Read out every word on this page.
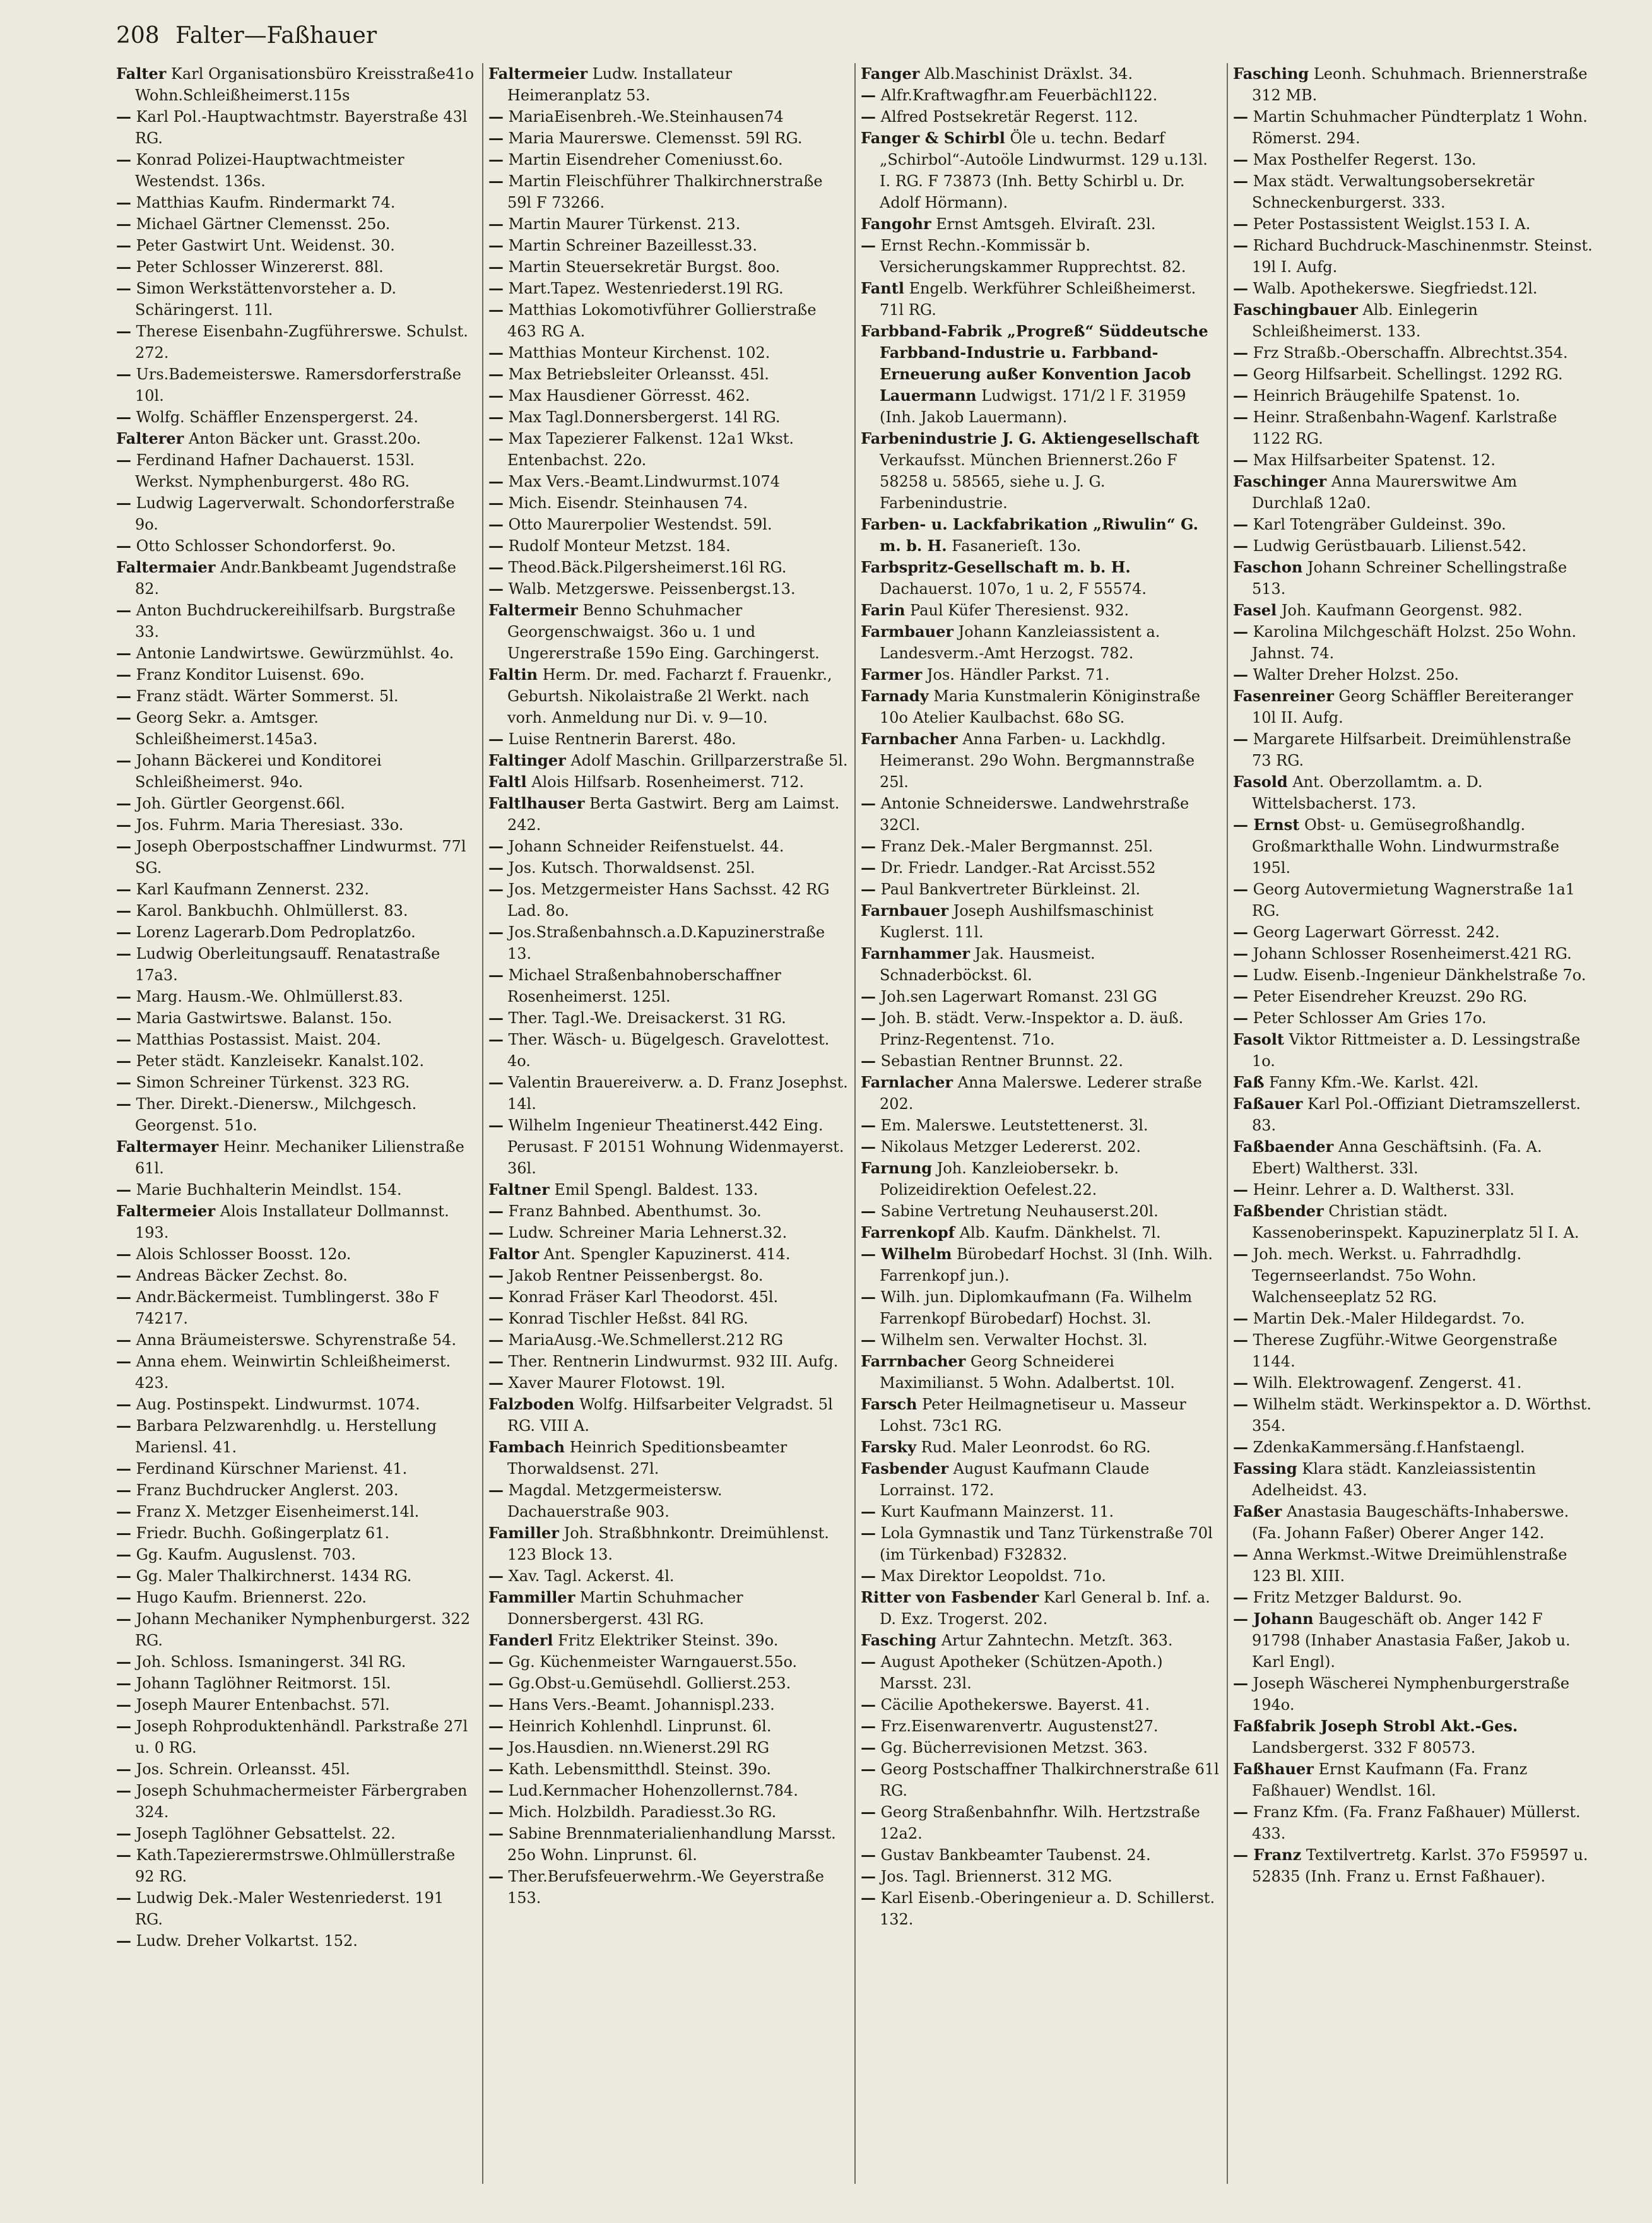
208 Falter—Faßhauer
Falter Karl Organisationsbüro Kreisstraße41o Wohn.Schleißheimerst.115s
— Karl Pol.-Hauptwachtmstr. Bayerstraße 43l RG.
— Konrad Polizei-Hauptwachtmeister Westendst. 136s.
— Matthias Kaufm. Rindermarkt 74.
— Michael Gärtner Clemensst. 25o.
— Peter Gastwirt Unt. Weidenst. 30.
— Peter Schlosser Winzererst. 88l.
— Simon Werkstättenvorsteher a. D. Schäringerst. 11l.
— Therese Eisenbahn-Zugführerswe. Schulst. 272.
— Urs.Bademeisterswe. Ramersdorferstraße 10l.
— Wolfg. Schäffler Enzenspergerst. 24.
Falterer Anton Bäcker unt. Grasst.20o.
— Ferdinand Hafner Dachauerst. 153l. Werkst. Nymphenburgerst. 48o RG.
— Ludwig Lagerverwalt. Schondorferstraße 9o.
— Otto Schlosser Schondorferst. 9o.
Faltermaier Andr.Bankbeamt Jugendstraße 82.
— Anton Buchdruckereihilfsarb. Burgstraße 33.
— Antonie Landwirtswe. Gewürzmühlst. 4o.
— Franz Konditor Luisenst. 69o.
— Franz städt. Wärter Sommerst. 5l.
— Georg Sekr. a. Amtsger. Schleißheimerst.145a3.
— Johann Bäckerei und Konditorei Schleißheimerst. 94o.
— Joh. Gürtler Georgenst.66l.
— Jos. Fuhrm. Maria Theresiast. 33o.
— Joseph Oberpostschaffner Lindwurmst. 77l SG.
— Karl Kaufmann Zennerst. 232.
— Karol. Bankbuchh. Ohlmüllerst. 83.
— Lorenz Lagerarb.Dom Pedroplatz6o.
— Ludwig Oberleitungsauff. Renatastraße 17a3.
— Marg. Hausm.-We. Ohlmüllerst.83.
— Maria Gastwirtswe. Balanst. 15o.
— Matthias Postassist. Maist. 204.
— Peter städt. Kanzleisekr. Kanalst.102.
— Simon Schreiner Türkenst. 323 RG.
— Ther. Direkt.-Dienersw., Milchgesch. Georgenst. 51o.
Faltermayer Heinr. Mechaniker Lilienstraße 61l.
— Marie Buchhalterin Meindlst. 154.
Faltermeier Alois Installateur Dollmannst. 193.
— Alois Schlosser Boosst. 12o.
— Andreas Bäcker Zechst. 8o.
— Andr.Bäckermeist. Tumblingerst. 38o F 74217.
— Anna Bräumeisterswe. Schyrenstraße 54.
— Anna ehem. Weinwirtin Schleißheimerst. 423.
— Aug. Postinspekt. Lindwurmst. 1074.
— Barbara Pelzwarenhdlg. u. Herstellung Mariensl. 41.
— Ferdinand Kürschner Marienst. 41.
— Franz Buchdrucker Anglerst. 203.
— Franz X. Metzger Eisenheimerst.14l.
— Friedr. Buchh. Goßingerplatz 61.
— Gg. Kaufm. Auguslenst. 703.
— Gg. Maler Thalkirchnerst. 1434 RG.
— Hugo Kaufm. Briennerst. 22o.
— Johann Mechaniker Nymphenburgerst. 322 RG.
— Joh. Schloss. Ismaningerst. 34l RG.
— Johann Taglöhner Reitmorst. 15l.
— Joseph Maurer Entenbachst. 57l.
— Joseph Rohproduktenhändl. Parkstraße 27l u. 0 RG.
— Jos. Schrein. Orleansst. 45l.
— Joseph Schuhmachermeister Färbergraben 324.
— Joseph Taglöhner Gebsattelst. 22.
— Kath.Tapezierermstrswe.Ohlmüllerstraße 92 RG.
— Ludwig Dek.-Maler Westenriederst. 191 RG.
— Ludw. Dreher Volkartst. 152.
Faltermeier Ludw. Installateur Heimeranplatz 53.
— MariaEisenbreh.-We.Steinhausen74
— Maria Maurerswe. Clemensst. 59l RG.
— Martin Eisendreher Comeniusst.6o.
— Martin Fleischführer Thalkirchnerstraße 59l F 73266.
— Martin Maurer Türkenst. 213.
— Martin Schreiner Bazeillesst.33.
— Martin Steuersekretär Burgst. 8oo.
— Mart.Tapez. Westenriederst.19l RG.
— Matthias Lokomotivführer Gollierstraße 463 RG A.
— Matthias Monteur Kirchenst. 102.
— Max Betriebsleiter Orleansst. 45l.
— Max Hausdiener Görresst. 462.
— Max Tagl.Donnersbergerst. 14l RG.
— Max Tapezierer Falkenst. 12a1 Wkst. Entenbachst. 22o.
— Max Vers.-Beamt.Lindwurmst.1074
— Mich. Eisendr. Steinhausen 74.
— Otto Maurerpolier Westendst. 59l.
— Rudolf Monteur Metzst. 184.
— Theod.Bäck.Pilgersheimerst.16l RG.
— Walb. Metzgerswe. Peissenbergst.13.
Faltermeir Benno Schuhmacher Georgenschwaigst. 36o u. 1 und Ungererstraße 159o Eing. Garchingerst.
Faltin Herm. Dr. med. Facharzt f. Frauenkr., Geburtsh. Nikolaistraße 2l Werkt. nach vorh. Anmeldung nur Di. v. 9—10.
— Luise Rentnerin Barerst. 48o.
Faltinger Adolf Maschin. Grillparzerstraße 5l.
Faltl Alois Hilfsarb. Rosenheimerst. 712.
Faltlhauser Berta Gastwirt. Berg am Laimst. 242.
— Johann Schneider Reifenstuelst. 44.
— Jos. Kutsch. Thorwaldsenst. 25l.
— Jos. Metzgermeister Hans Sachsst. 42 RG Lad. 8o.
— Jos.Straßenbahnsch.a.D.Kapuzinerstraße 13.
— Michael Straßenbahnoberschaffner Rosenheimerst. 125l.
— Ther. Tagl.-We. Dreisackerst. 31 RG.
— Ther. Wäsch- u. Bügelgesch. Gravelottest. 4o.
— Valentin Brauereiverw. a. D. Franz Josephst. 14l.
— Wilhelm Ingenieur Theatinerst.442 Eing. Perusast. F 20151 Wohnung Widenmayerst. 36l.
Faltner Emil Spengl. Baldest. 133.
— Franz Bahnbed. Abenthumst. 3o.
— Ludw. Schreiner Maria Lehnerst.32.
Faltor Ant. Spengler Kapuzinerst. 414.
— Jakob Rentner Peissenbergst. 8o.
— Konrad Fräser Karl Theodorst. 45l.
— Konrad Tischler Heßst. 84l RG.
— MariaAusg.-We.Schmellerst.212 RG
— Ther. Rentnerin Lindwurmst. 932 III. Aufg.
— Xaver Maurer Flotowst. 19l.
Falzboden Wolfg. Hilfsarbeiter Velgradst. 5l RG. VIII A.
Fambach Heinrich Speditionsbeamter Thorwaldsenst. 27l.
— Magdal. Metzgermeistersw. Dachauerstraße 903.
Familler Joh. Straßbhnkontr. Dreimühlenst. 123 Block 13.
— Xav. Tagl. Ackerst. 4l.
Fammiller Martin Schuhmacher Donnersbergerst. 43l RG.
Fanderl Fritz Elektriker Steinst. 39o.
— Gg. Küchenmeister Warngauerst.55o.
— Gg.Obst-u.Gemüsehdl. Gollierst.253.
— Hans Vers.-Beamt. Johannispl.233.
— Heinrich Kohlenhdl. Linprunst. 6l.
— Jos.Hausdien. nn.Wienerst.29l RG
— Kath. Lebensmitthdl. Steinst. 39o.
— Lud.Kernmacher Hohenzollernst.784.
— Mich. Holzbildh. Paradiesst.3o RG.
— Sabine Brennmaterialienhandlung Marsst. 25o Wohn. Linprunst. 6l.
— Ther.Berufsfeuerwehrm.-We Geyerstraße 153.
Fanger Alb.Maschinist Dräxlst. 34.
— Alfr.Kraftwagfhr.am Feuerbächl122.
— Alfred Postsekretär Regerst. 112.
Fanger & Schirbl Öle u. techn. Bedarf „Schirbol“-Autoöle Lindwurmst. 129 u.13l. I. RG. F 73873 (Inh. Betty Schirbl u. Dr. Adolf Hörmann).
Fangohr Ernst Amtsgeh. Elviraſt. 23l.
— Ernst Rechn.-Kommissär b. Versicherungskammer Rupprechtst. 82.
Fantl Engelb. Werkführer Schleißheimerst. 71l RG.
Farbband-Fabrik „Progreß“ Süddeutsche Farbband-Industrie u. Farbband-Erneuerung außer Konvention Jacob Lauermann Ludwigst. 171/2 l F. 31959 (Inh. Jakob Lauermann).
Farbenindustrie J. G. Aktiengesellschaft Verkaufsst. München Briennerst.26o F 58258 u. 58565, siehe u. J. G. Farbenindustrie.
Farben- u. Lackfabrikation „Riwulin“ G. m. b. H. Fasanerieſt. 13o.
Farbspritz-Gesellschaft m. b. H. Dachauerst. 107o, 1 u. 2, F 55574.
Farin Paul Küfer Theresienst. 932.
Farmbauer Johann Kanzleiassistent a. Landesverm.-Amt Herzogst. 782.
Farmer Jos. Händler Parkst. 71.
Farnady Maria Kunstmalerin Königinstraße 10o Atelier Kaulbachst. 68o SG.
Farnbacher Anna Farben- u. Lackhdlg. Heimeranst. 29o Wohn. Bergmannstraße 25l.
— Antonie Schneiderswe. Landwehrstraße 32Cl.
— Franz Dek.-Maler Bergmannst. 25l.
— Dr. Friedr. Landger.-Rat Arcisst.552
— Paul Bankvertreter Bürkleinst. 2l.
Farnbauer Joseph Aushilfsmaschinist Kuglerst. 11l.
Farnhammer Jak. Hausmeist. Schnaderböckst. 6l.
— Joh.sen Lagerwart Romanst. 23l GG
— Joh. B. städt. Verw.-Inspektor a. D. äuß. Prinz-Regentenst. 71o.
— Sebastian Rentner Brunnst. 22.
Farnlacher Anna Malerswe. Lederer straße 202.
— Em. Malerswe. Leutstettenerst. 3l.
— Nikolaus Metzger Ledererst. 202.
Farnung Joh. Kanzleiobersekr. b. Polizeidirektion Oefelest.22.
— Sabine Vertretung Neuhauserst.20l.
Farrenkopf Alb. Kaufm. Dänkhelst. 7l.
— Wilhelm Bürobedarf Hochst. 3l (Inh. Wilh. Farrenkopf jun.).
— Wilh. jun. Diplomkaufmann (Fa. Wilhelm Farrenkopf Bürobedarf) Hochst. 3l.
— Wilhelm sen. Verwalter Hochst. 3l.
Farrnbacher Georg Schneiderei Maximilianst. 5 Wohn. Adalbertst. 10l.
Farsch Peter Heilmagnetiseur u. Masseur Lohst. 73c1 RG.
Farsky Rud. Maler Leonrodst. 6o RG.
Fasbender August Kaufmann Claude Lorrainst. 172.
— Kurt Kaufmann Mainzerst. 11.
— Lola Gymnastik und Tanz Türkenstraße 70l (im Türkenbad) F32832.
— Max Direktor Leopoldst. 71o.
Ritter von Fasbender Karl General b. Inf. a. D. Exz. Trogerst. 202.
Fasching Artur Zahntechn. Metzſt. 363.
— August Apotheker (Schützen-Apoth.) Marsst. 23l.
— Cäcilie Apothekerswe. Bayerst. 41.
— Frz.Eisenwarenvertr. Augustenst27.
— Gg. Bücherrevisionen Metzst. 363.
— Georg Postschaffner Thalkirchnerstraße 61l RG.
— Georg Straßenbahnfhr. Wilh. Hertzstraße 12a2.
— Gustav Bankbeamter Taubenst. 24.
— Jos. Tagl. Briennerst. 312 MG.
— Karl Eisenb.-Oberingenieur a. D. Schillerst. 132.
Fasching Leonh. Schuhmach. Briennerstraße 312 MB.
— Martin Schuhmacher Pündterplatz 1 Wohn. Römerst. 294.
— Max Posthelfer Regerst. 13o.
— Max städt. Verwaltungsobersekretär Schneckenburgerst. 333.
— Peter Postassistent Weiglst.153 I. A.
— Richard Buchdruck-Maschinenmstr. Steinst. 19l I. Aufg.
— Walb. Apothekerswe. Siegfriedst.12l.
Faschingbauer Alb. Einlegerin Schleißheimerst. 133.
— Frz Straßb.-Oberschaffn. Albrechtst.354.
— Georg Hilfsarbeit. Schellingst. 1292 RG.
— Heinrich Bräugehilfe Spatenst. 1o.
— Heinr. Straßenbahn-Wagenf. Karlstraße 1122 RG.
— Max Hilfsarbeiter Spatenst. 12.
Faschinger Anna Maurerswitwe Am Durchlaß 12a0.
— Karl Totengräber Guldeinst. 39o.
— Ludwig Gerüstbauarb. Lilienst.542.
Faschon Johann Schreiner Schellingstraße 513.
Fasel Joh. Kaufmann Georgenst. 982.
— Karolina Milchgeschäft Holzst. 25o Wohn. Jahnst. 74.
— Walter Dreher Holzst. 25o.
Fasenreiner Georg Schäffler Bereiteranger 10l II. Aufg.
— Margarete Hilfsarbeit. Dreimühlenstraße 73 RG.
Fasold Ant. Oberzollamtm. a. D. Wittelsbacherst. 173.
— Ernst Obst- u. Gemüsegroßhandlg. Großmarkthalle Wohn. Lindwurmstraße 195l.
— Georg Autovermietung Wagnerstraße 1a1 RG.
— Georg Lagerwart Görresst. 242.
— Johann Schlosser Rosenheimerst.421 RG.
— Ludw. Eisenb.-Ingenieur Dänkhelstraße 7o.
— Peter Eisendreher Kreuzst. 29o RG.
— Peter Schlosser Am Gries 17o.
Fasolt Viktor Rittmeister a. D. Lessingstraße 1o.
Faß Fanny Kfm.-We. Karlst. 42l.
Faßauer Karl Pol.-Offiziant Dietramszellerst. 83.
Faßbaender Anna Geschäftsinh. (Fa. A. Ebert) Waltherst. 33l.
— Heinr. Lehrer a. D. Waltherst. 33l.
Faßbender Christian städt. Kassenoberinspekt. Kapuzinerplatz 5l I. A.
— Joh. mech. Werkst. u. Fahrradhdlg. Tegernseerlandst. 75o Wohn. Walchenseeplatz 52 RG.
— Martin Dek.-Maler Hildegardst. 7o.
— Therese Zugführ.-Witwe Georgenstraße 1144.
— Wilh. Elektrowagenf. Zengerst. 41.
— Wilhelm städt. Werkinspektor a. D. Wörthst. 354.
— ZdenkaKammersäng.f.Hanfstaengl.
Fassing Klara städt. Kanzleiassistentin Adelheidst. 43.
Faßer Anastasia Baugeschäfts-Inhaberswe. (Fa. Johann Faßer) Oberer Anger 142.
— Anna Werkmst.-Witwe Dreimühlenstraße 123 Bl. XIII.
— Fritz Metzger Baldurst. 9o.
— Johann Baugeschäft ob. Anger 142 F 91798 (Inhaber Anastasia Faßer, Jakob u. Karl Engl).
— Joseph Wäscherei Nymphenburgerstraße 194o.
Faßfabrik Joseph Strobl Akt.-Ges. Landsbergerst. 332 F 80573.
Faßhauer Ernst Kaufmann (Fa. Franz Faßhauer) Wendlst. 16l.
— Franz Kfm. (Fa. Franz Faßhauer) Müllerst. 433.
— Franz Textilvertretg. Karlst. 37o F59597 u. 52835 (Inh. Franz u. Ernst Faßhauer).
